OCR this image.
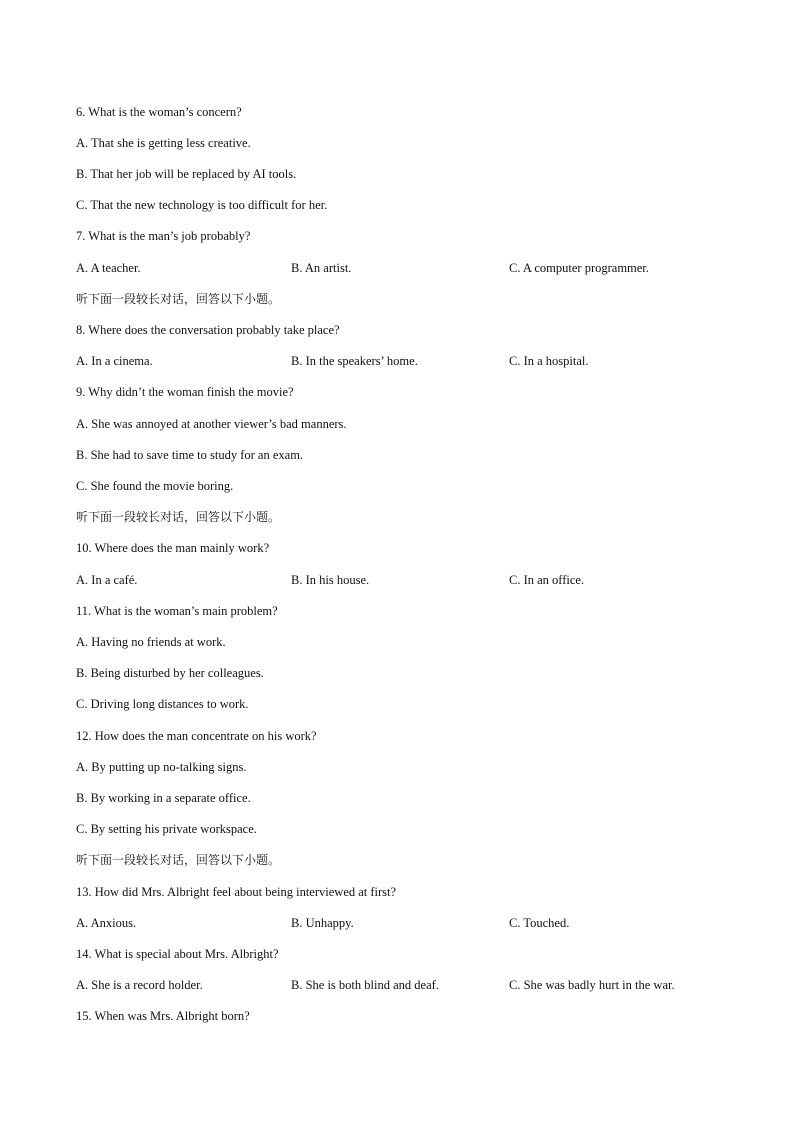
6. What is the woman’s concern?
A. That she is getting less creative.
B. That her job will be replaced by AI tools.
C. That the new technology is too difficult for her.
7. What is the man’s job probably?
A. A teacher.	B. An artist.	C. A computer programmer.
听下面一段较长对话，回答以下小题。
8. Where does the conversation probably take place?
A. In a cinema.	B. In the speakers’ home.	C. In a hospital.
9. Why didn’t the woman finish the movie?
A. She was annoyed at another viewer’s bad manners.
B. She had to save time to study for an exam.
C. She found the movie boring.
听下面一段较长对话，回答以下小题。
10. Where does the man mainly work?
A. In a café.	B. In his house.	C. In an office.
11. What is the woman’s main problem?
A. Having no friends at work.
B. Being disturbed by her colleagues.
C. Driving long distances to work.
12. How does the man concentrate on his work?
A. By putting up no-talking signs.
B. By working in a separate office.
C. By setting his private workspace.
听下面一段较长对话，回答以下小题。
13. How did Mrs. Albright feel about being interviewed at first?
A. Anxious.	B. Unhappy.	C. Touched.
14. What is special about Mrs. Albright?
A. She is a record holder.	B. She is both blind and deaf.	C. She was badly hurt in the war.
15. When was Mrs. Albright born?
